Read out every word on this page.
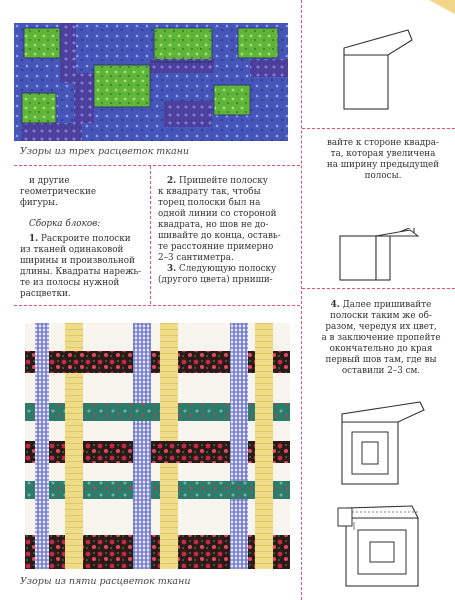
Узоры из трех расцветок ткани

и другие геометрические

фигуры.

Сборка блоков:

1. Раскроите полоски

из тканей одинаковой

ширины и произвольной

длины. Квадраты нарежь-

те из полосы нужной

расцветки.

2. Пришейте полоску

к квадрату так, чтобы

торец полоски был на

одной линии со стороной

квадрата, но шов не до-

шивайте до конца, оставь-

те расстояние примерно

2–3 сантиметра.

3. Следующую полоску

(другого цвета) прниши-

Узоры из пяти расцветок ткани

вайте к стороне квадра-

та, которая увеличена

на ширину предыдущей

полосы.

4. Далее пришивайте

полоски таким же об-

разом, чередуя их цвет,

а в заключение пропейте

окончательно до края

первый шов там, где вы

оставили 2–3 см.
